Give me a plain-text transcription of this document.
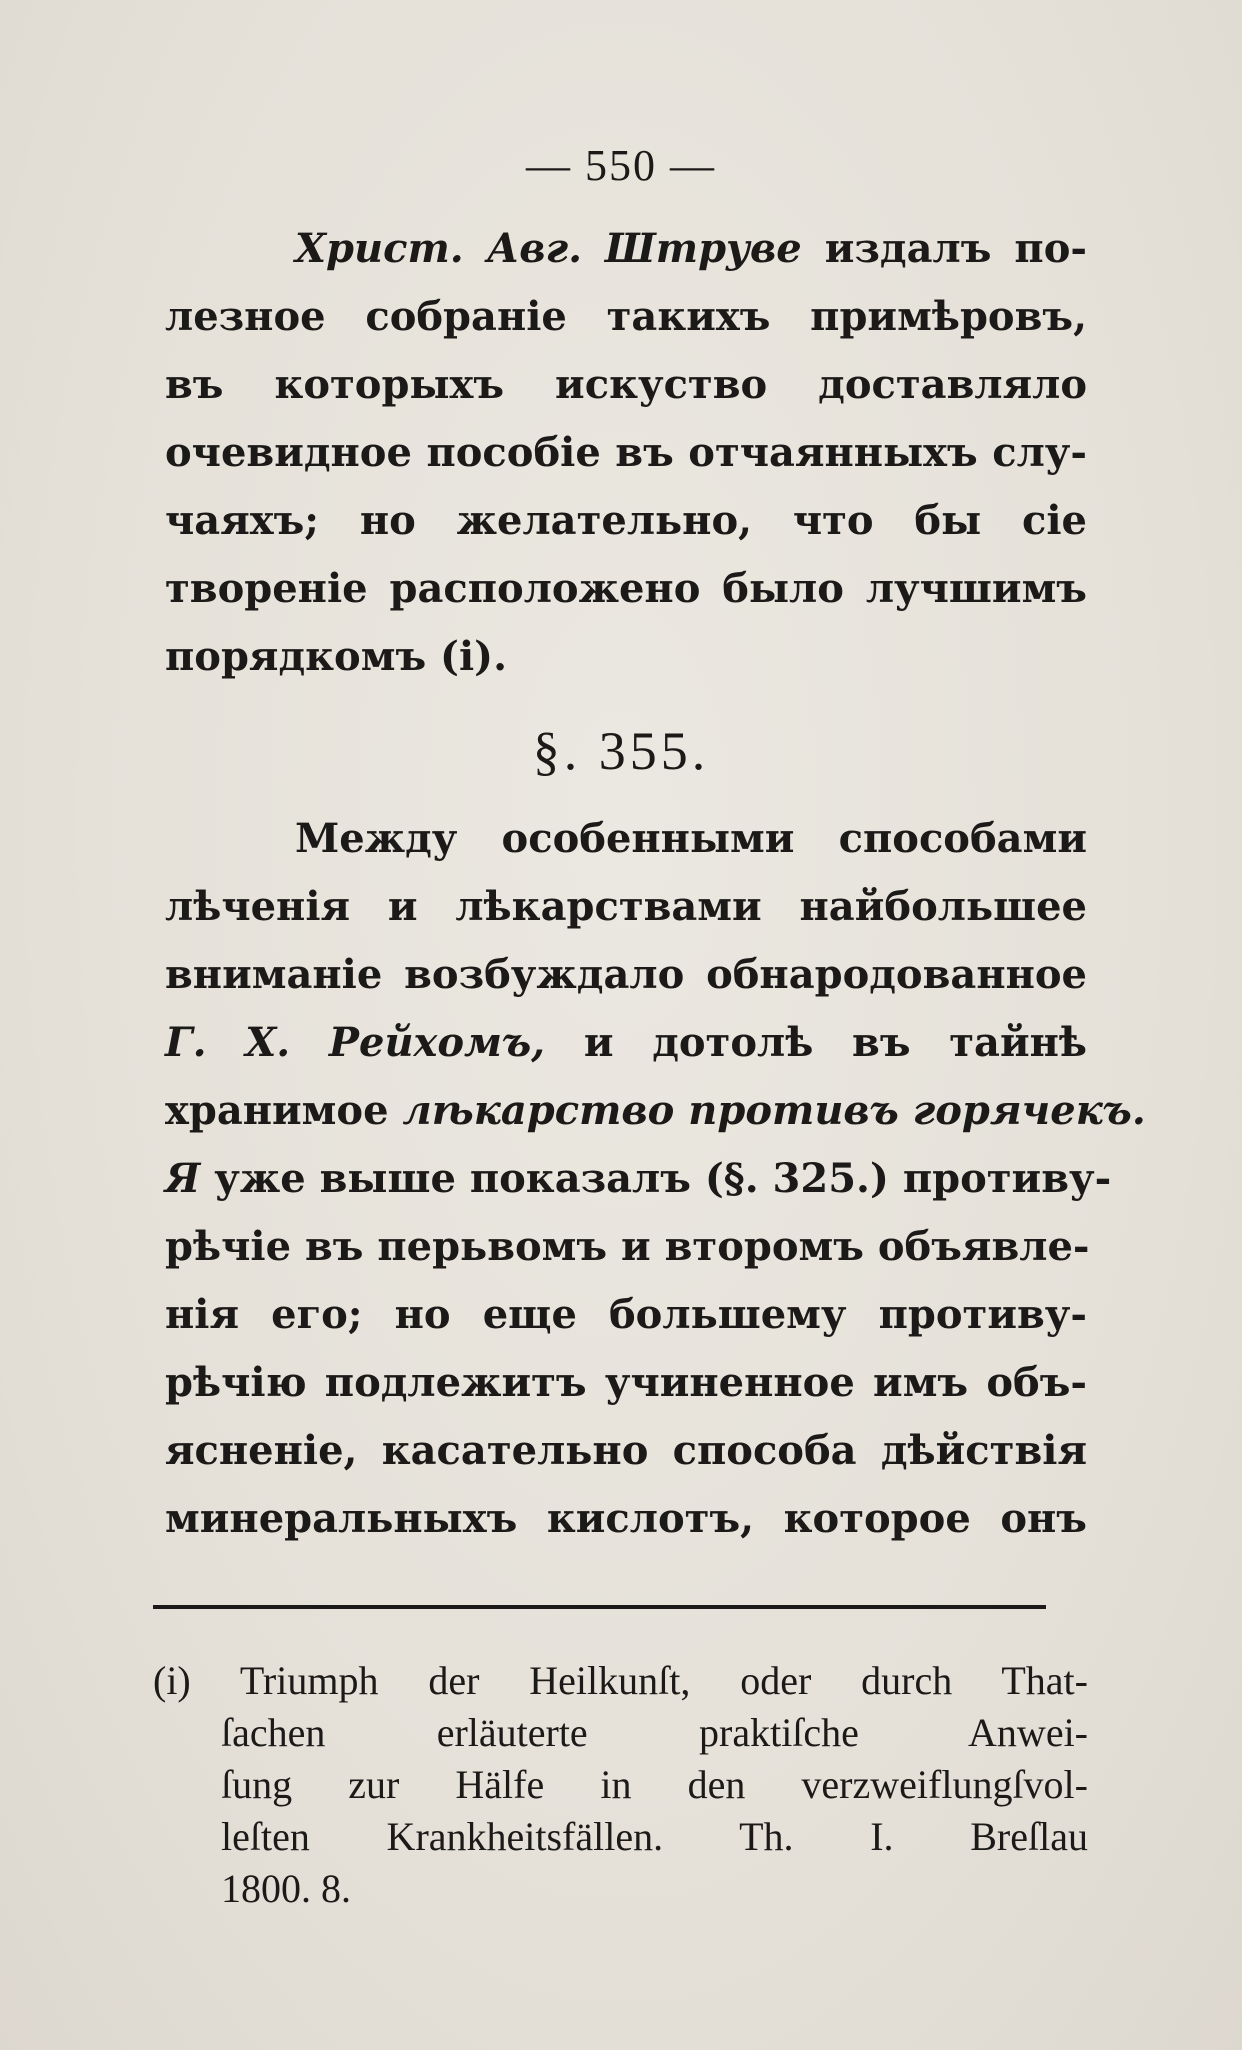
— 550 —
Христ. Авг. Штруве издалъ по-
лезное собраніе такихъ примѣровъ,
въ которыхъ искуство доставляло
очевидное пособіе въ отчаянныхъ слу-
чаяхъ; но желательно, что бы сіе
твореніе расположено было лучшимъ
порядкомъ (i).
§. 355.
Между особенными способами
лѣченія и лѣкарствами найбольшее
вниманіе возбуждало обнародованное
Г. Х. Рейхомъ, и дотолѣ въ тайнѣ
хранимое лѣкарство противъ горячекъ.
Я уже выше показалъ (§. 325.) противу-
рѣчіе въ перьвомъ и второмъ объявле-
нія его; но еще большему противу-
рѣчію подлежитъ учиненное имъ объ-
ясненіе, касательно способа дѣйствія
минеральныхъ кислотъ, которое онъ
(i) Triumph der Heilkunſt, oder durch That-
ſachen erläuterte praktiſche Anwei-
ſung zur Hälfe in den verzweiflungſvol-
leſten Krankheitsfällen. Th. I. Breſlau
1800. 8.
